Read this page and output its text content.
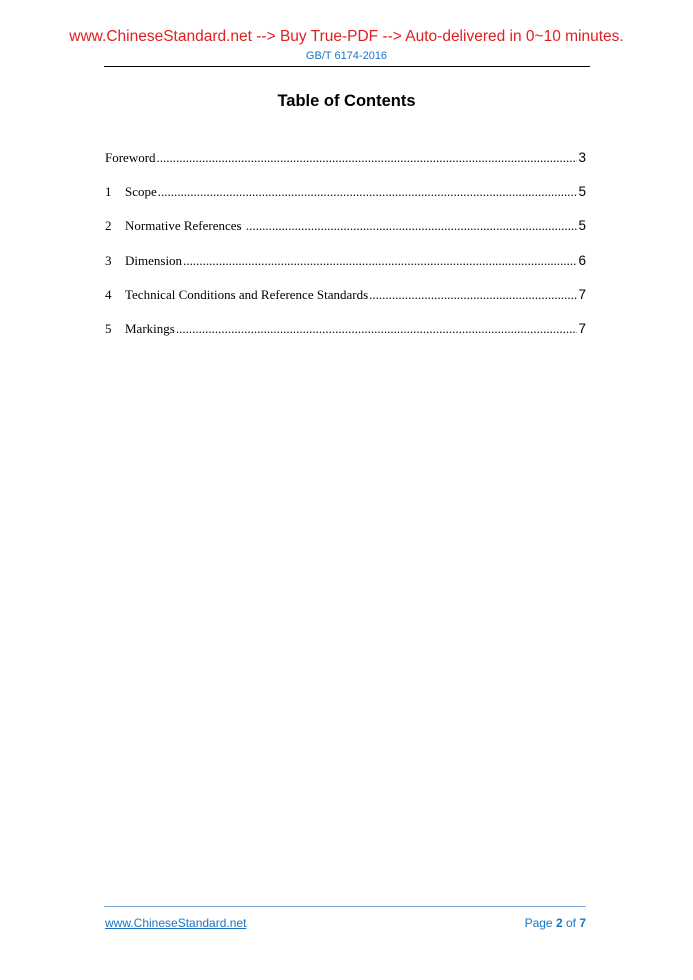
www.ChineseStandard.net --> Buy True-PDF --> Auto-delivered in 0~10 minutes.
GB/T 6174-2016
Table of Contents
Foreword .....	3
1	Scope .....	5
2	Normative References .....	5
3	Dimension .....	6
4	Technical Conditions and Reference Standards .....	7
5	Markings .....	7
www.ChineseStandard.net	Page 2 of 7
